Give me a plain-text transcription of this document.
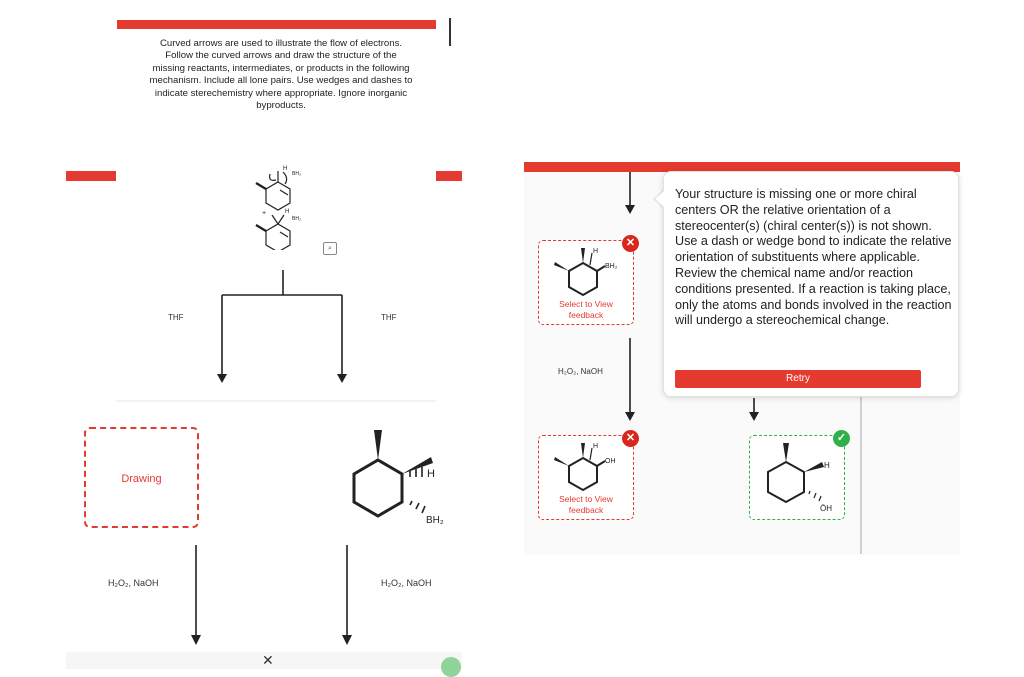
Curved arrows are used to illustrate the flow of electrons.
Follow the curved arrows and draw the structure of the
missing reactants, intermediates, or products in the following
mechanism. Include all lone pairs. Use wedges and dashes to
indicate sterechemistry where appropriate. Ignore inorganic
byproducts.
H
BH₃
+	H
BH₂
⌕
THF	THF
Drawing	H
BH₂
H₂O₂, NaOH	H₂O₂, NaOH
✕
H₂O₂, NaOH
H
BH₂
Select to View
feedback
✕
H
OH
Select to View
feedback
✕
H
ÖH
✓
Your structure is missing one or more chiral centers OR the relative orientation of a stereocenter(s) (chiral center(s)) is not shown. Use a dash or wedge bond to indicate the relative orientation of substituents where applicable. Review the chemical name and/or reaction conditions presented. If a reaction is taking place, only the atoms and bonds involved in the reaction will undergo a stereochemical change.
Retry
